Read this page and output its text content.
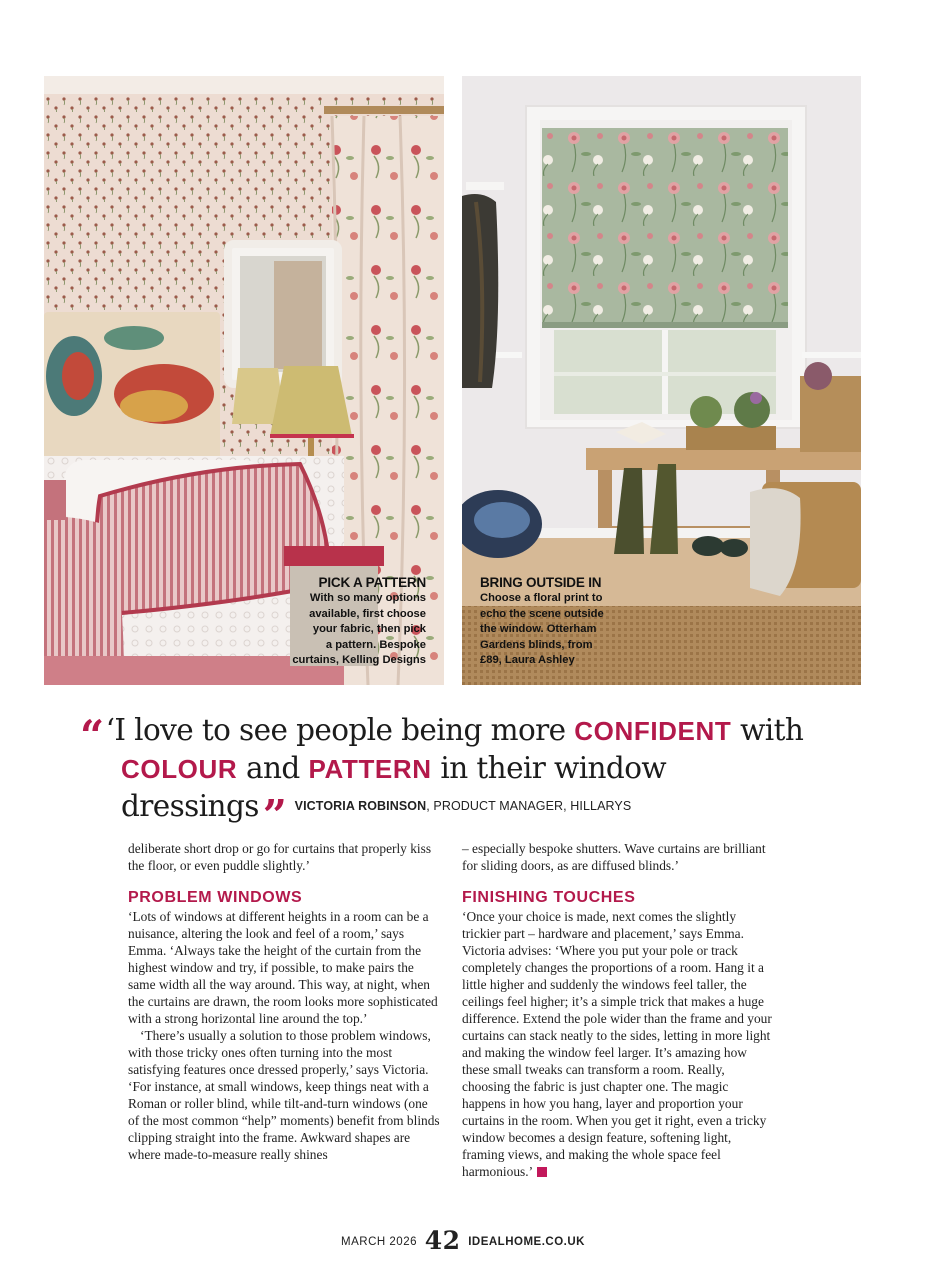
PICK A PATTERN
With so many options
available, first choose
your fabric, then pick
a pattern. Bespoke
curtains, Kelling Designs
BRING OUTSIDE IN
Choose a floral print to
echo the scene outside
the window. Otterham
Gardens blinds, from
£89, Laura Ashley
“‘I love to see people being more CONFIDENT with
COLOUR and PATTERN in their window dressings” VICTORIA ROBINSON, PRODUCT MANAGER, HILLARYS

deliberate short drop or go for curtains that properly kiss the floor, or even puddle slightly.’

PROBLEM WINDOWS

‘Lots of windows at different heights in a room can be a nuisance, altering the look and feel of a room,’ says Emma. ‘Always take the height of the curtain from the highest window and try, if possible, to make pairs the same width all the way around. This way, at night, when the curtains are drawn, the room looks more sophisticated with a strong horizontal line around the top.’

‘There’s usually a solution to those problem windows, with those tricky ones often turning into the most satisfying features once dressed properly,’ says Victoria. ‘For instance, at small windows, keep things neat with a Roman or roller blind, while tilt-and-turn windows (one of the most common “help” moments) benefit from blinds clipping straight into the frame. Awkward shapes are where made-to-measure really shines

– especially bespoke shutters. Wave curtains are brilliant for sliding doors, as are diffused blinds.’

FINISHING TOUCHES

‘Once your choice is made, next comes the slightly trickier part – hardware and placement,’ says Emma. Victoria advises: ‘Where you put your pole or track completely changes the proportions of a room. Hang it a little higher and suddenly the windows feel taller, the ceilings feel higher; it’s a simple trick that makes a huge difference. Extend the pole wider than the frame and your curtains can stack neatly to the sides, letting in more light and making the window feel larger. It’s amazing how these small tweaks can transform a room. Really, choosing the fabric is just chapter one. The magic happens in how you hang, layer and proportion your curtains in the room. When you get it right, even a tricky window becomes a design feature, softening light, framing views, and making the whole space feel harmonious.’

MARCH 2026 42 IDEALHOME.CO.UK
